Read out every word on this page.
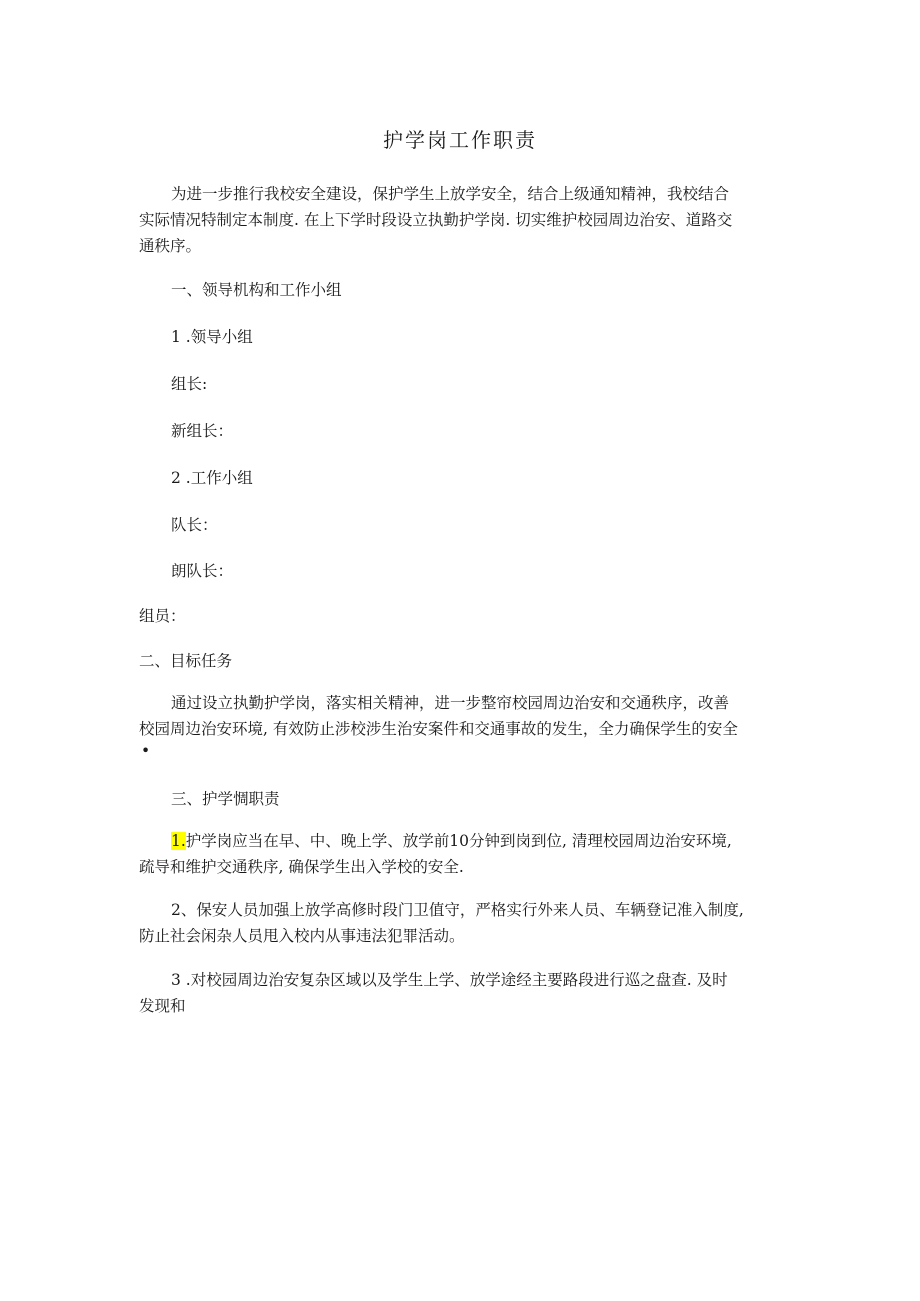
护学岗工作职责

为进一步推行我校安全建设，保护学生上放学安全，结合上级通知精神，我校结合

实际情况特制定本制度. 在上下学时段设立执勤护学岗. 切实维护校园周边治安、道路交

通秩序。

一、领导机构和工作小组

1 .领导小组

组长:

新组长：

2 .工作小组

队长：

朗队长：

组员：

二、目标任务

通过设立执勤护学岗，落实相关精神，进一步整帘校园周边治安和交通秩序，改善

校园周边治安环境, 有效防止涉校涉生治安案件和交通事故的发生，全力确保学生的安全

•

三、护学惆职责

1.护学岗应当在早、中、晚上学、放学前10分钟到岗到位, 清理校园周边治安环境,

疏导和维护交通秩序, 确保学生出入学校的安全.

2、保安人员加强上放学高修时段门卫值守，严格实行外来人员、车辆登记准入制度,

防止社会闲杂人员甩入校内从事违法犯罪活动。

3 .对校园周边治安复杂区域以及学生上学、放学途经主要路段进行巡之盘查. 及时

发现和
